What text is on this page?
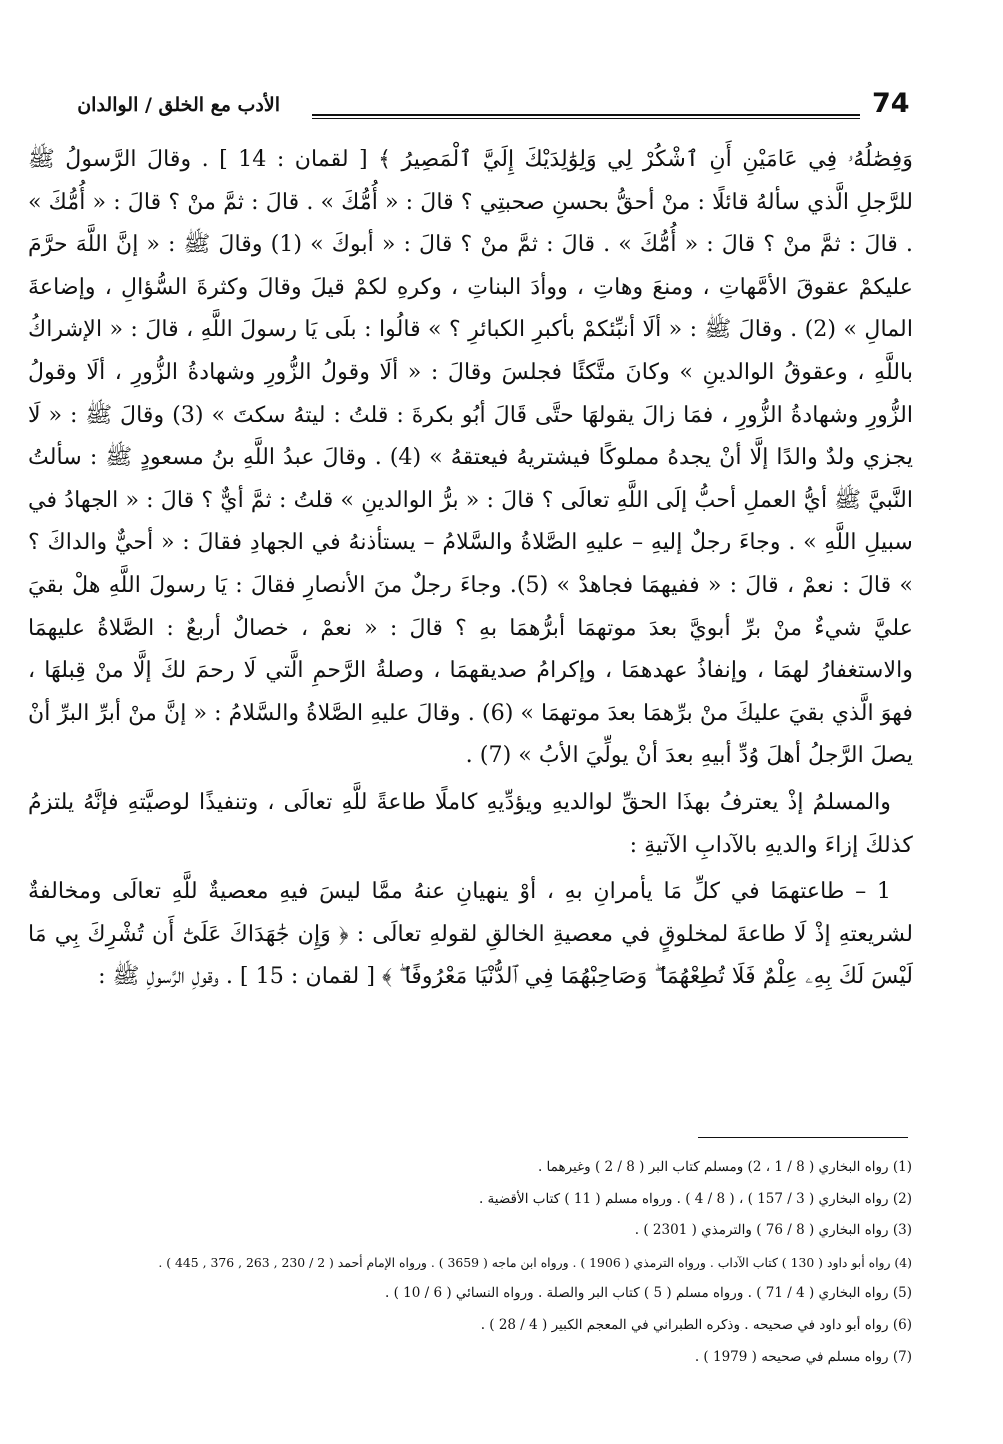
74
الأدب مع الخلق / الوالدان

وَفِصَٰلُهُۥ فِي عَامَيْنِ أَنِ ٱشْكُرْ لِي وَلِوَٰلِدَيْكَ إِلَيَّ ٱلْمَصِيرُ ﴾ [ لقمان : 14 ] . وقالَ الرَّسولُ ﷺ للرَّجلِ الَّذي سألهُ قائلًا : منْ أحقُّ بحسنِ صحبتِي ؟ قالَ : « أُمُّكَ » . قالَ : ثمَّ منْ ؟ قالَ : « أُمُّكَ » . قالَ : ثمَّ منْ ؟ قالَ : « أُمُّكَ » . قالَ : ثمَّ منْ ؟ قالَ : « أبوكَ » (1) وقالَ ﷺ : « إنَّ اللَّهَ حرَّمَ عليكمْ عقوقَ الأمَّهاتِ ، ومنعَ وهاتِ ، ووأدَ البناتِ ، وكرهِ لكمْ قيلَ وقالَ وكثرةَ السُّؤالِ ، وإضاعةَ المالِ » (2) . وقالَ ﷺ : « ألَا أنبِّئكمْ بأكبرِ الكبائرِ ؟ » قالُوا : بلَى يَا رسولَ اللَّهِ ، قالَ : « الإشراكُ باللَّهِ ، وعقوقُ الوالدينِ » وكانَ متَّكئًا فجلسَ وقالَ : « ألَا وقولُ الزُّورِ وشهادةُ الزُّورِ ، ألَا وقولُ الزُّورِ وشهادةُ الزُّورِ ، فمَا زالَ يقولهَا حتَّى قَالَ أبُو بكرةَ : قلتُ : ليتهُ سكتَ » (3) وقالَ ﷺ : « لَا يجزي ولدٌ والدًا إلَّا أنْ يجدهُ مملوكًا فيشتريهُ فيعتقهُ » (4) . وقالَ عبدُ اللَّهِ بنُ مسعودٍ ﷺ : سألتُ النَّبيَّ ﷺ أيُّ العملِ أحبُّ إلَى اللَّهِ تعالَى ؟ قالَ : « برُّ الوالدينِ » قلتُ : ثمَّ أيٌّ ؟ قالَ : « الجهادُ في سبيلِ اللَّهِ » . وجاءَ رجلٌ إليهِ – عليهِ الصَّلاةُ والسَّلامُ – يستأذنهُ في الجهادِ فقالَ : « أحيٌّ والداكَ ؟ » قالَ : نعمْ ، قالَ : « ففيهمَا فجاهدْ » (5). وجاءَ رجلٌ منَ الأنصارِ فقالَ : يَا رسولَ اللَّهِ هلْ بقيَ عليَّ شيءٌ منْ برِّ أبويَّ بعدَ موتهمَا أبرُّهمَا بهِ ؟ قالَ : « نعمْ ، خصالٌ أربعٌ : الصَّلاةُ عليهمَا والاستغفارُ لهمَا ، وإنفاذُ عهدهمَا ، وإكرامُ صديقهمَا ، وصلةُ الرَّحمِ الَّتي لَا رحمَ لكَ إلَّا منْ قِبلهَا ، فهوَ الَّذي بقيَ عليكَ منْ برِّهمَا بعدَ موتهمَا » (6) . وقالَ عليهِ الصَّلاةُ والسَّلامُ : « إنَّ منْ أبرِّ البرِّ أنْ يصلَ الرَّجلُ أهلَ وُدِّ أبيهِ بعدَ أنْ يولِّيَ الأبُ » (7) .

والمسلمُ إذْ يعترفُ بهذَا الحقِّ لوالديهِ ويؤدِّيهِ كاملًا طاعةً للَّهِ تعالَى ، وتنفيذًا لوصيَّتهِ فإنَّهُ يلتزمُ كذلكَ إزاءَ والديهِ بالآدابِ الآتيةِ :

1 – طاعتهمَا في كلِّ مَا يأمرانِ بهِ ، أوْ ينهيانِ عنهُ ممَّا ليسَ فيهِ معصيةٌ للَّهِ تعالَى ومخالفةٌ لشريعتهِ إذْ لَا طاعةَ لمخلوقٍ في معصيةِ الخالقِ لقولهِ تعالَى : ﴿ وَإِن جَٰهَدَاكَ عَلَىٰٓ أَن تُشْرِكَ بِي مَا لَيْسَ لَكَ بِهِۦ عِلْمٌ فَلَا تُطِعْهُمَا ۖ وَصَاحِبْهُمَا فِي ٱلدُّنْيَا مَعْرُوفًا ۖ ﴾ [ لقمان : 15 ] . وقولِ الرَّسولِ ﷺ :

(1) رواه البخاري ( 8 / 1 ، 2) ومسلم كتاب البر ( 8 / 2 ) وغيرهما .
(2) رواه البخاري ( 3 / 157 ) ، ( 8 / 4 ) . ورواه مسلم ( 11 ) كتاب الأقضية .
(3) رواه البخاري ( 8 / 76 ) والترمذي ( 2301 ) .
(4) رواه أبو داود ( 130 ) كتاب الآداب . ورواه الترمذي ( 1906 ) . ورواه ابن ماجه ( 3659 ) . ورواه الإمام أحمد ( 2 / 230 , 263 , 376 , 445 ) .
(5) رواه البخاري ( 4 / 71 ) . ورواه مسلم ( 5 ) كتاب البر والصلة . ورواه النسائي ( 6 / 10 ) .
(6) رواه أبو داود في صحيحه . وذكره الطبراني في المعجم الكبير ( 4 / 28 ) .
(7) رواه مسلم في صحيحه ( 1979 ) .
